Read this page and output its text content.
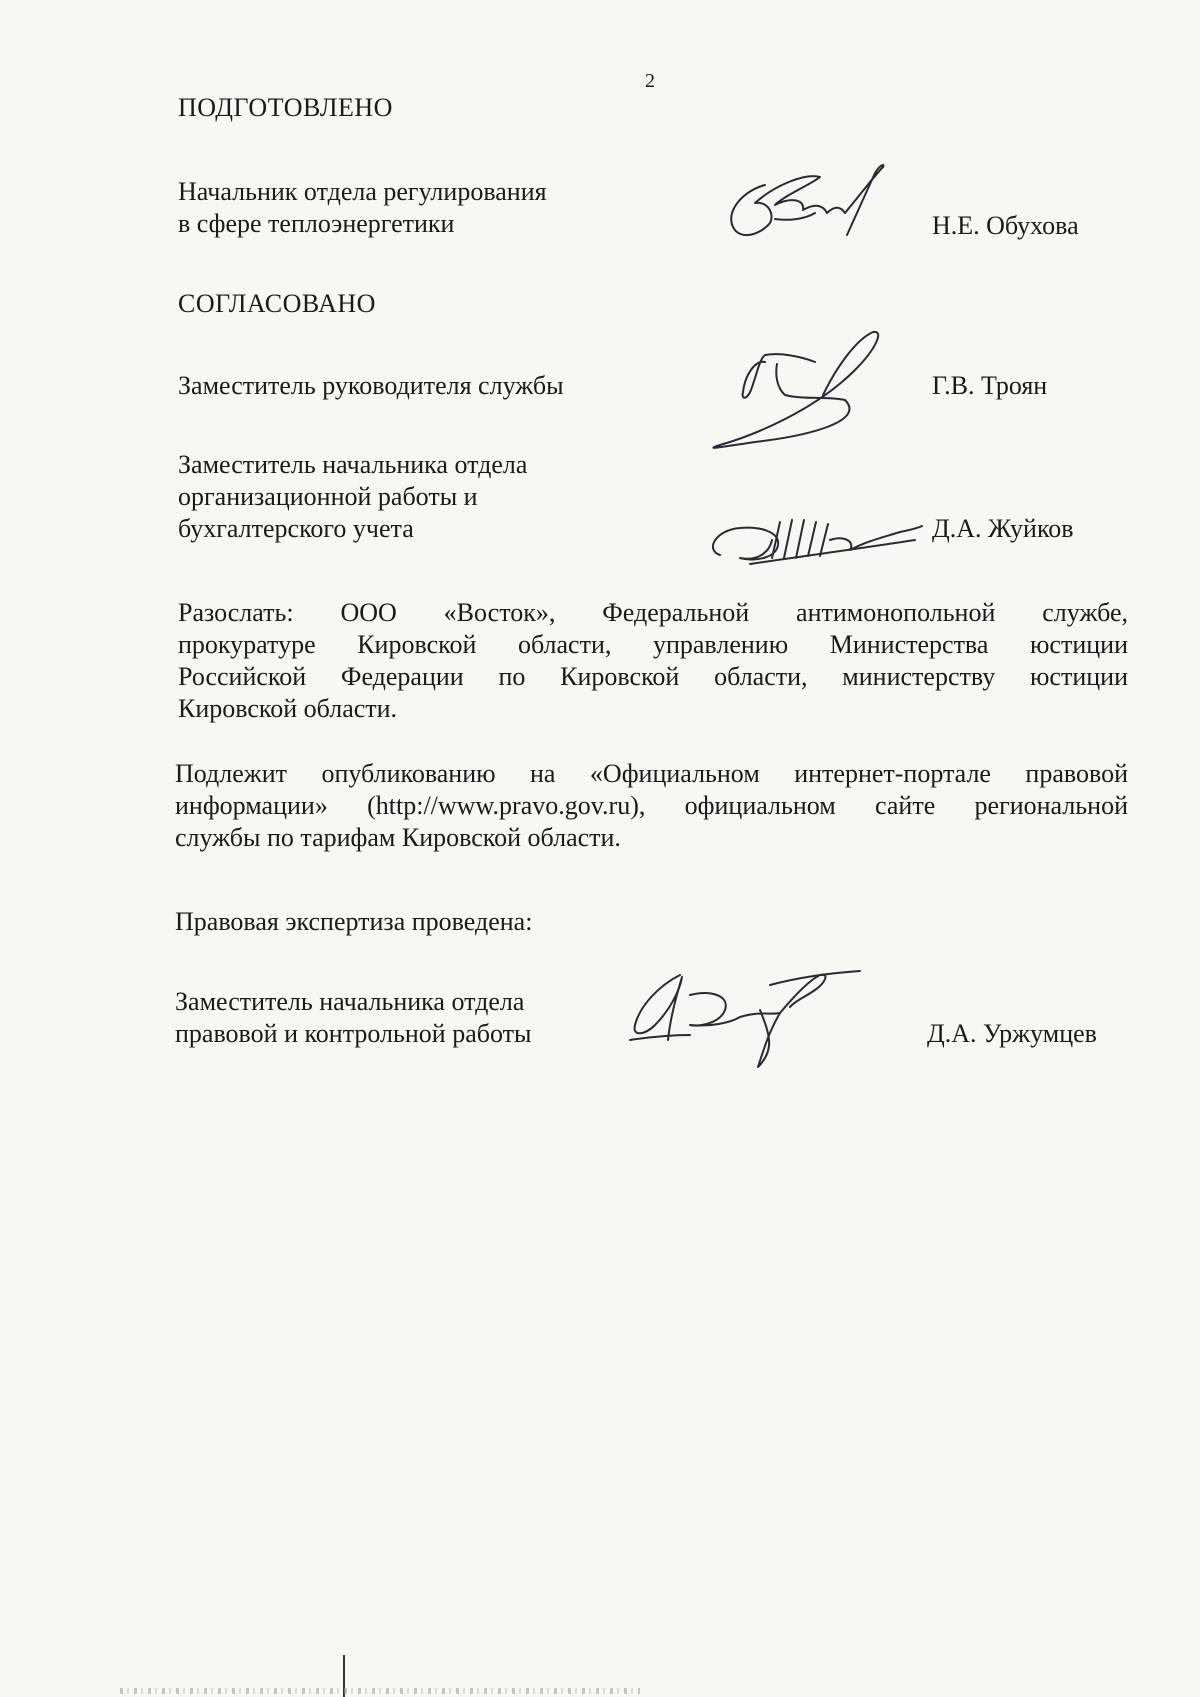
2
ПОДГОТОВЛЕНО
Начальник отдела регулирования
в сфере теплоэнергетики	Н.Е. Обухова
СОГЛАСОВАНО
Заместитель руководителя службы	Г.В. Троян
Заместитель начальника отдела
организационной работы и
бухгалтерского учета	Д.А. Жуйков
Разослать: ООО «Восток», Федеральной антимонопольной службе,
прокуратуре Кировской области, управлению Министерства юстиции
Российской Федерации по Кировской области, министерству юстиции
Кировской области.
Подлежит опубликованию на «Официальном интернет-портале правовой
информации» (http://www.pravo.gov.ru), официальном сайте региональной
службы по тарифам Кировской области.
Правовая экспертиза проведена:
Заместитель начальника отдела
правовой и контрольной работы	Д.А. Уржумцев
